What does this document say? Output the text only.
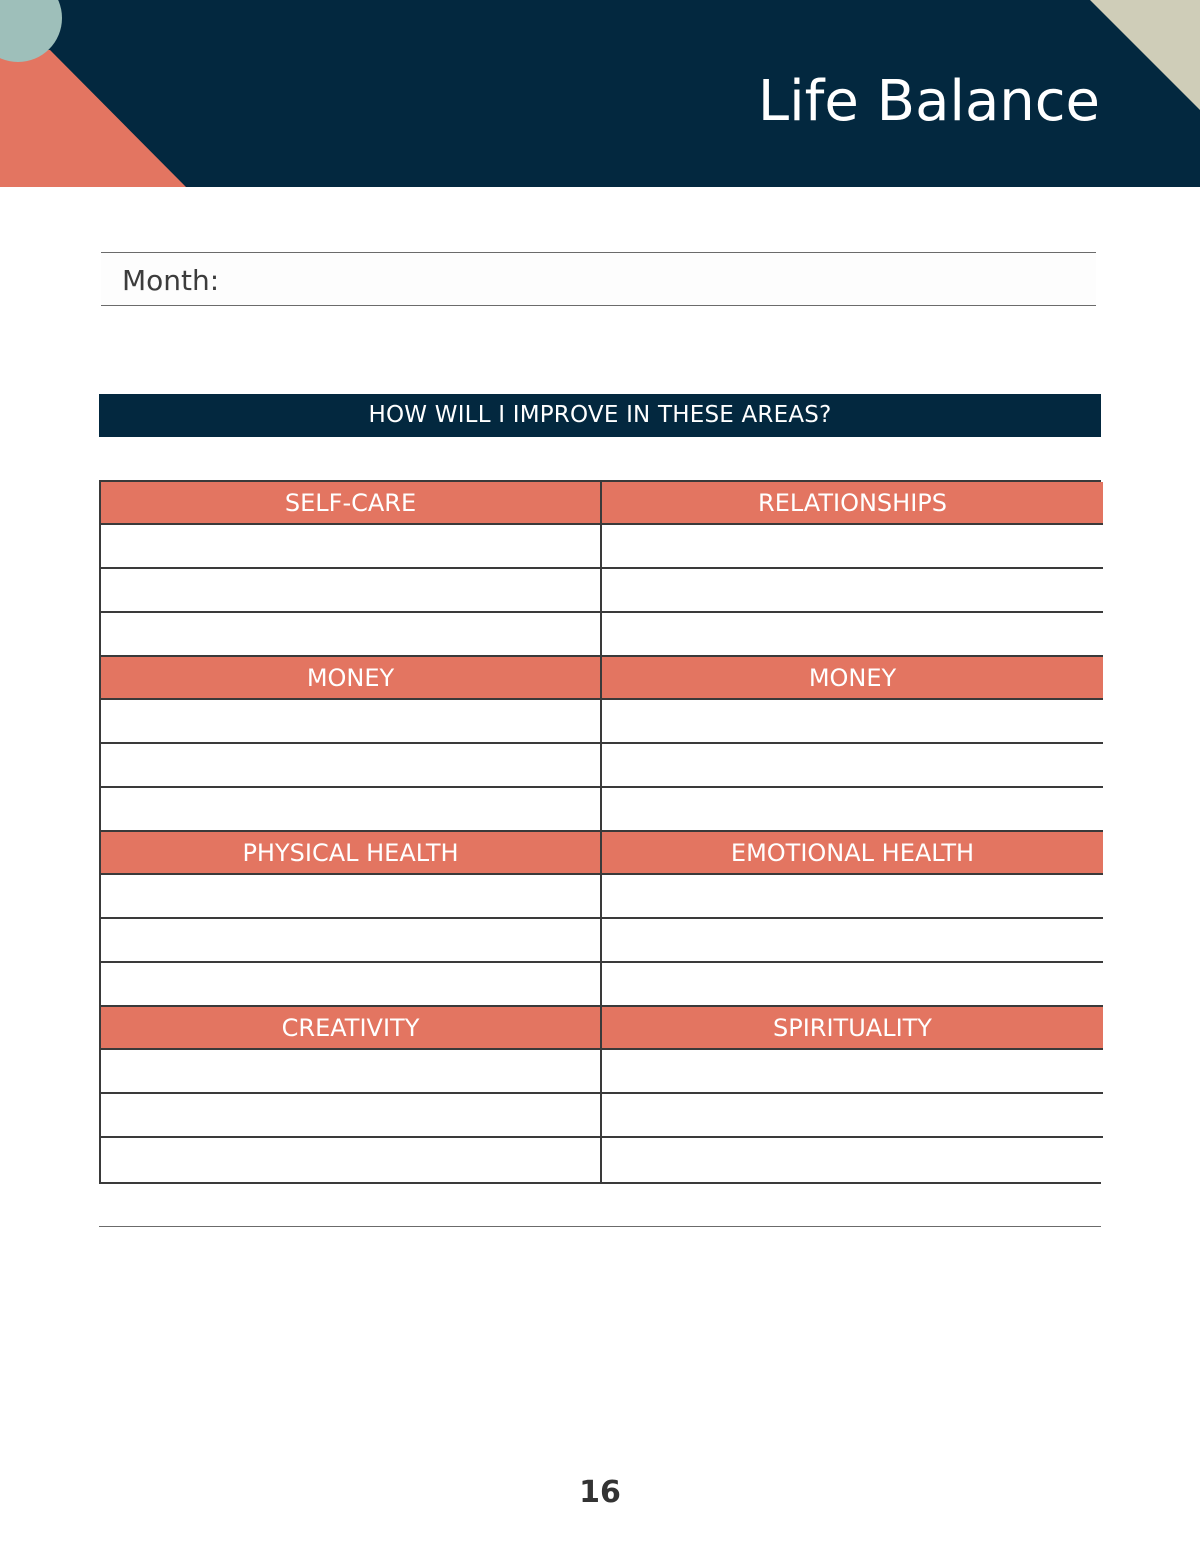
Life Balance
Month:
HOW WILL I IMPROVE IN THESE AREAS?
SELF-CARE	RELATIONSHIPS
MONEY	MONEY
PHYSICAL HEALTH	EMOTIONAL HEALTH
CREATIVITY	SPIRITUALITY
16
